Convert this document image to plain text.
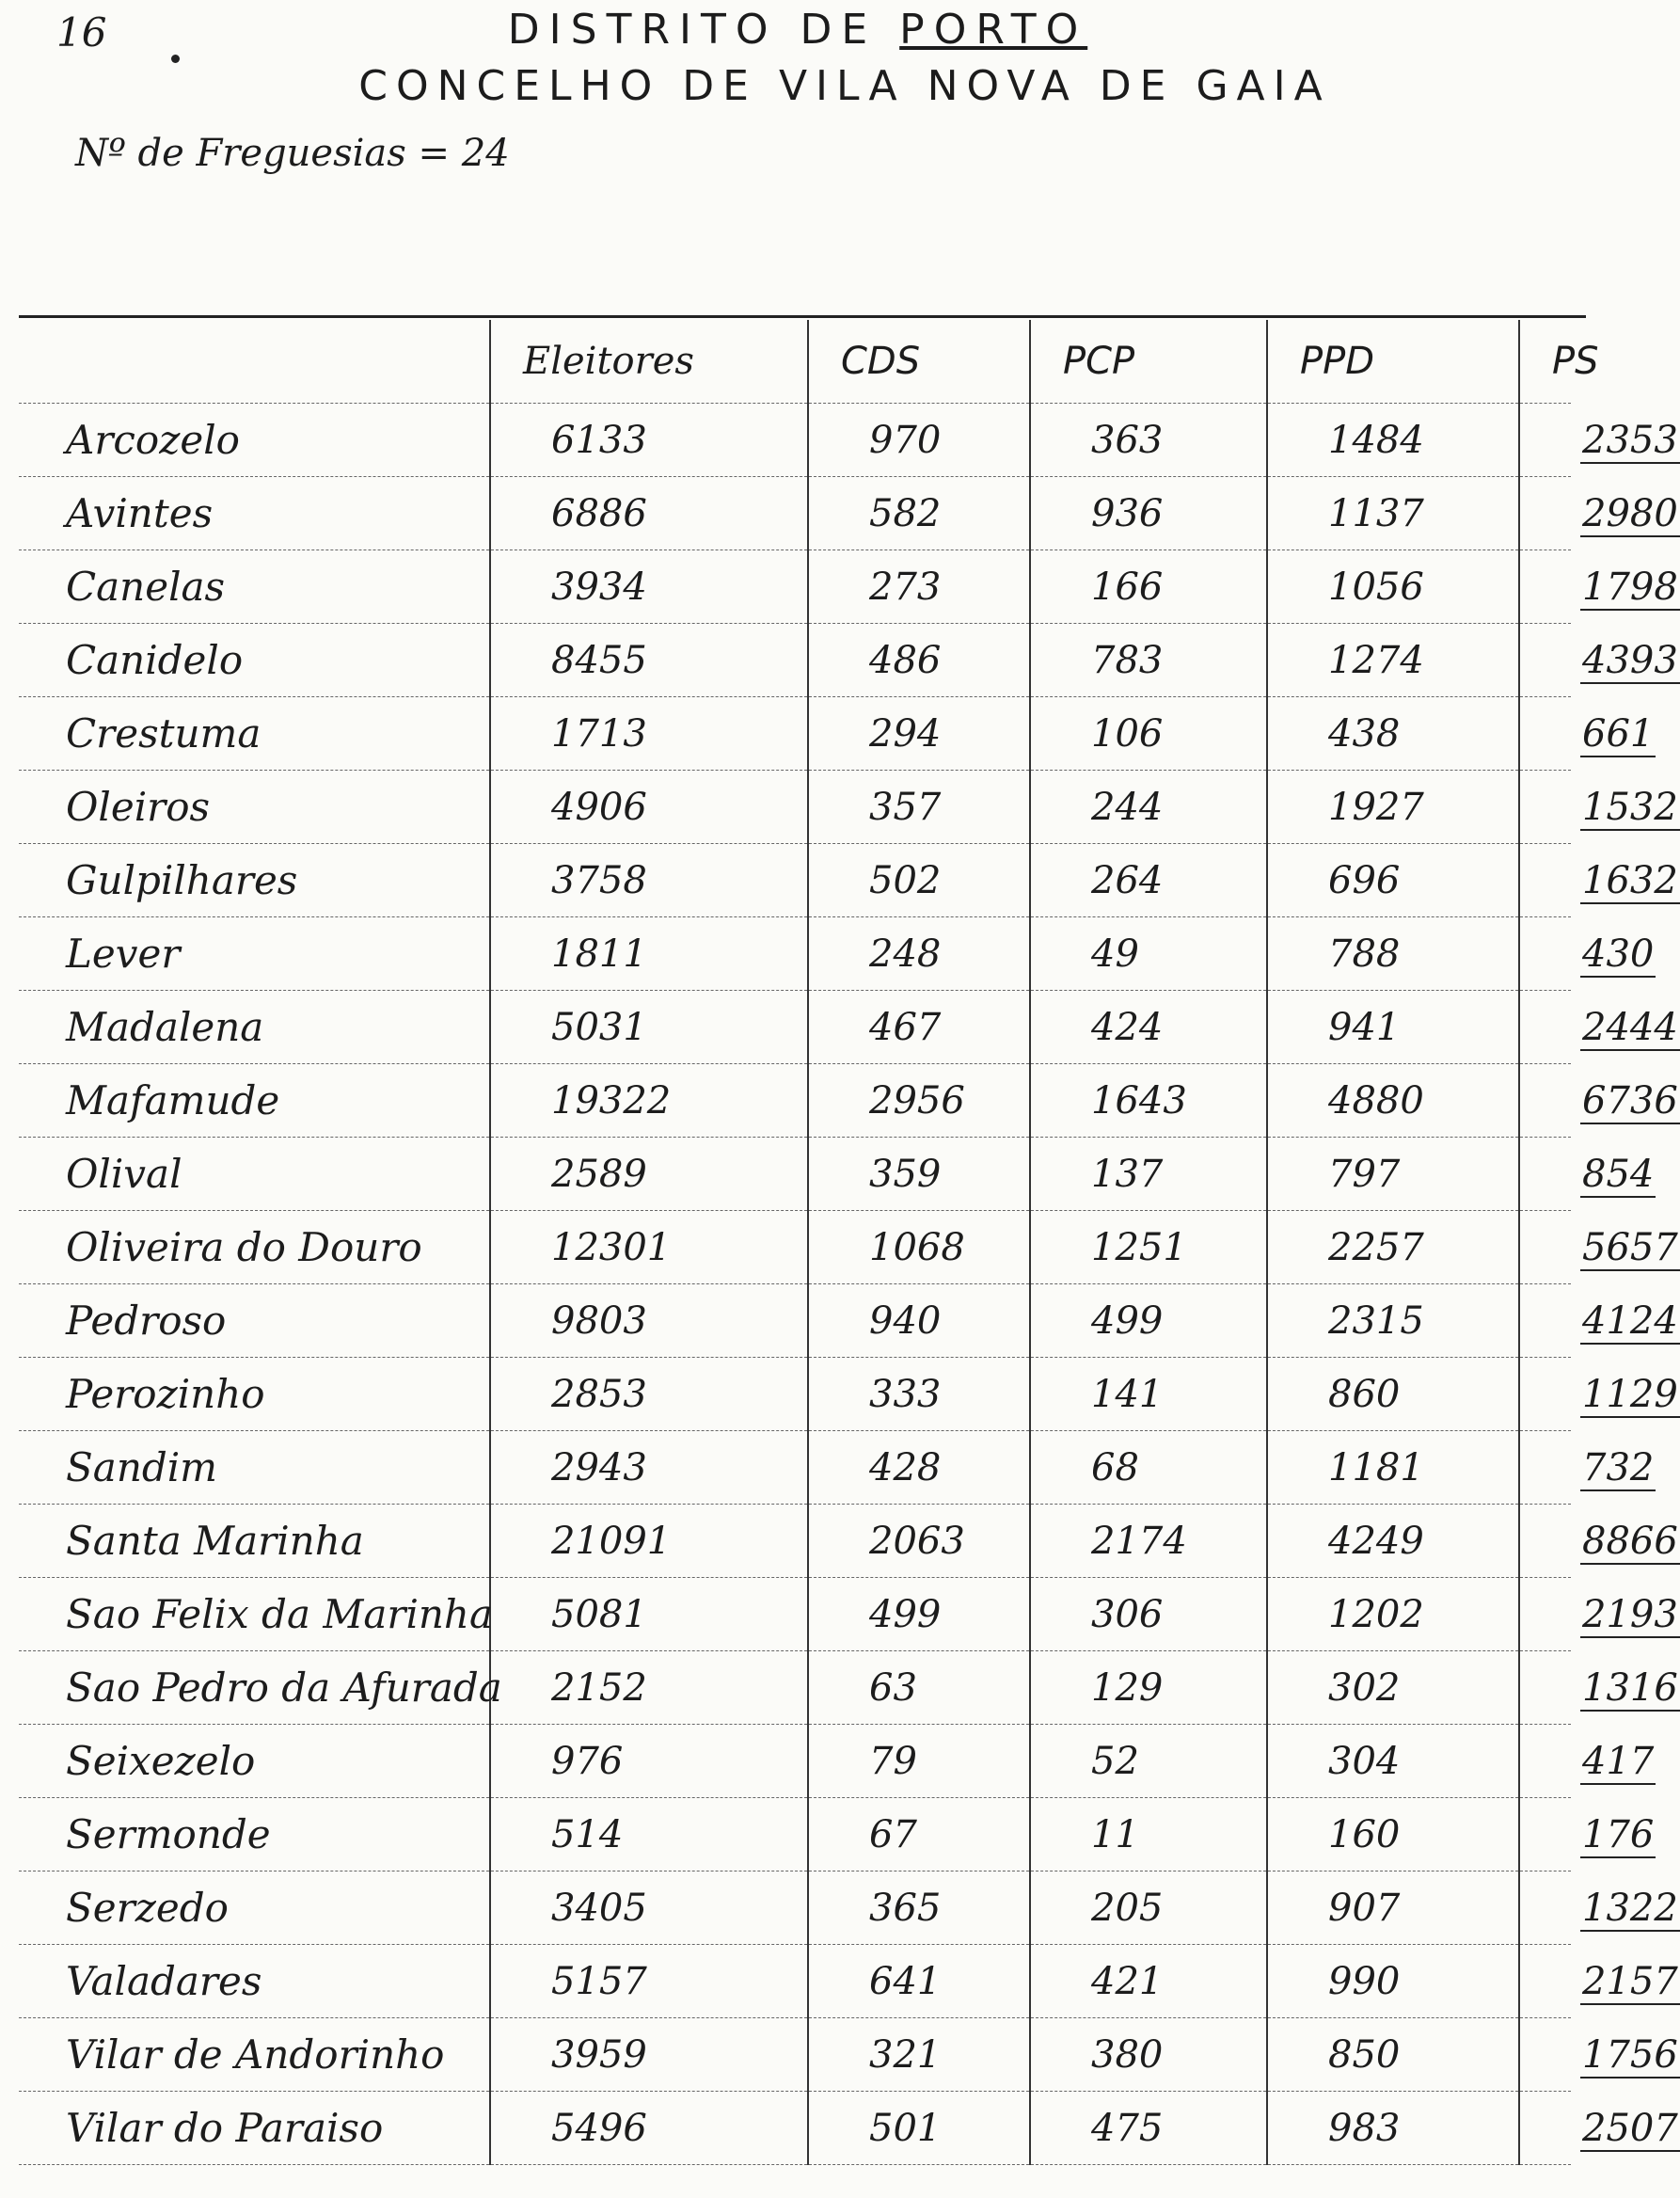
16	DISTRITO DE PORTO
CONCELHO DE VILA NOVA DE GAIA
Nº de Freguesias = 24
	Eleitores	CDS	PCP	PPD	PS
Arcozelo	6133	970	363	1484	2353
Avintes	6886	582	936	1137	2980
Canelas	3934	273	166	1056	1798
Canidelo	8455	486	783	1274	4393
Crestuma	1713	294	106	438	661
Oleiros	4906	357	244	1927	1532
Gulpilhares	3758	502	264	696	1632
Lever	1811	248	49	788	430
Madalena	5031	467	424	941	2444
Mafamude	19322	2956	1643	4880	6736
Olival	2589	359	137	797	854
Oliveira do Douro	12301	1068	1251	2257	5657
Pedroso	9803	940	499	2315	4124
Perozinho	2853	333	141	860	1129
Sandim	2943	428	68	1181	732
Santa Marinha	21091	2063	2174	4249	8866
Sao Felix da Marinha	5081	499	306	1202	2193
Sao Pedro da Afurada	2152	63	129	302	1316
Seixezelo	976	79	52	304	417
Sermonde	514	67	11	160	176
Serzedo	3405	365	205	907	1322
Valadares	5157	641	421	990	2157
Vilar de Andorinho	3959	321	380	850	1756
Vilar do Paraiso	5496	501	475	983	2507
